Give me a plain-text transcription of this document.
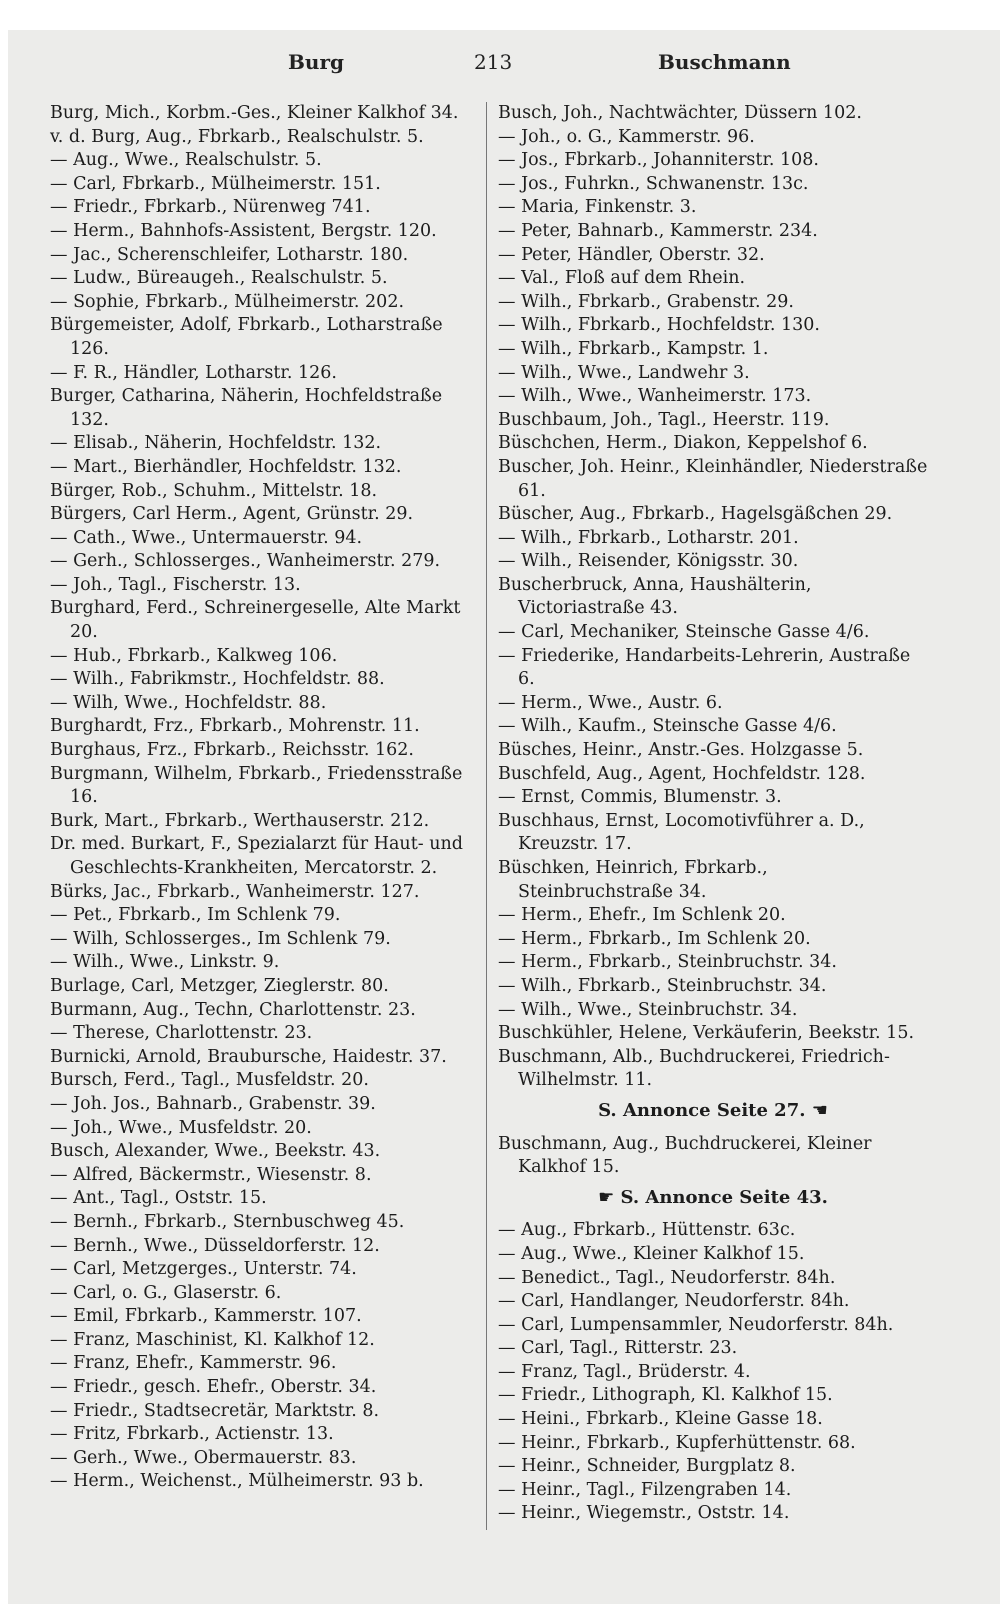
Burg	213	Buschmann

Burg, Mich., Korbm.-Ges., Kleiner Kalkhof 34.

v. d. Burg, Aug., Fbrkarb., Realschulstr. 5.

— Aug., Wwe., Realschulstr. 5.

— Carl, Fbrkarb., Mülheimerstr. 151.

— Friedr., Fbrkarb., Nürenweg 741.

— Herm., Bahnhofs-Assistent, Bergstr. 120.

— Jac., Scherenschleifer, Lotharstr. 180.

— Ludw., Büreaugeh., Realschulstr. 5.

— Sophie, Fbrkarb., Mülheimerstr. 202.

Bürgemeister, Adolf, Fbrkarb., Lotharstraße 126.

— F. R., Händler, Lotharstr. 126.

Burger, Catharina, Näherin, Hochfeldstraße 132.

— Elisab., Näherin, Hochfeldstr. 132.

— Mart., Bierhändler, Hochfeldstr. 132.

Bürger, Rob., Schuhm., Mittelstr. 18.

Bürgers, Carl Herm., Agent, Grünstr. 29.

— Cath., Wwe., Untermauerstr. 94.

— Gerh., Schlosserges., Wanheimerstr. 279.

— Joh., Tagl., Fischerstr. 13.

Burghard, Ferd., Schreinergeselle, Alte Markt 20.

— Hub., Fbrkarb., Kalkweg 106.

— Wilh., Fabrikmstr., Hochfeldstr. 88.

— Wilh, Wwe., Hochfeldstr. 88.

Burghardt, Frz., Fbrkarb., Mohrenstr. 11.

Burghaus, Frz., Fbrkarb., Reichsstr. 162.

Burgmann, Wilhelm, Fbrkarb., Friedensstraße 16.

Burk, Mart., Fbrkarb., Werthauserstr. 212.

Dr. med. Burkart, F., Spezialarzt für Haut- und Geschlechts-Krankheiten, Mercatorstr. 2.

Bürks, Jac., Fbrkarb., Wanheimerstr. 127.

— Pet., Fbrkarb., Im Schlenk 79.

— Wilh, Schlosserges., Im Schlenk 79.

— Wilh., Wwe., Linkstr. 9.

Burlage, Carl, Metzger, Zieglerstr. 80.

Burmann, Aug., Techn, Charlottenstr. 23.

— Therese, Charlottenstr. 23.

Burnicki, Arnold, Braubursche, Haidestr. 37.

Bursch, Ferd., Tagl., Musfeldstr. 20.

— Joh. Jos., Bahnarb., Grabenstr. 39.

— Joh., Wwe., Musfeldstr. 20.

Busch, Alexander, Wwe., Beekstr. 43.

— Alfred, Bäckermstr., Wiesenstr. 8.

— Ant., Tagl., Oststr. 15.

— Bernh., Fbrkarb., Sternbuschweg 45.

— Bernh., Wwe., Düsseldorferstr. 12.

— Carl, Metzgerges., Unterstr. 74.

— Carl, o. G., Glaserstr. 6.

— Emil, Fbrkarb., Kammerstr. 107.

— Franz, Maschinist, Kl. Kalkhof 12.

— Franz, Ehefr., Kammerstr. 96.

— Friedr., gesch. Ehefr., Oberstr. 34.

— Friedr., Stadtsecretär, Marktstr. 8.

— Fritz, Fbrkarb., Actienstr. 13.

— Gerh., Wwe., Obermauerstr. 83.

— Herm., Weichenst., Mülheimerstr. 93 b.

Busch, Joh., Nachtwächter, Düssern 102.

— Joh., o. G., Kammerstr. 96.

— Jos., Fbrkarb., Johanniterstr. 108.

— Jos., Fuhrkn., Schwanenstr. 13c.

— Maria, Finkenstr. 3.

— Peter, Bahnarb., Kammerstr. 234.

— Peter, Händler, Oberstr. 32.

— Val., Floß auf dem Rhein.

— Wilh., Fbrkarb., Grabenstr. 29.

— Wilh., Fbrkarb., Hochfeldstr. 130.

— Wilh., Fbrkarb., Kampstr. 1.

— Wilh., Wwe., Landwehr 3.

— Wilh., Wwe., Wanheimerstr. 173.

Buschbaum, Joh., Tagl., Heerstr. 119.

Büschchen, Herm., Diakon, Keppelshof 6.

Buscher, Joh. Heinr., Kleinhändler, Niederstraße 61.

Büscher, Aug., Fbrkarb., Hagelsgäßchen 29.

— Wilh., Fbrkarb., Lotharstr. 201.

— Wilh., Reisender, Königsstr. 30.

Buscherbruck, Anna, Haushälterin, Victoriastraße 43.

— Carl, Mechaniker, Steinsche Gasse 4/6.

— Friederike, Handarbeits-Lehrerin, Austraße 6.

— Herm., Wwe., Austr. 6.

— Wilh., Kaufm., Steinsche Gasse 4/6.

Büsches, Heinr., Anstr.-Ges. Holzgasse 5.

Buschfeld, Aug., Agent, Hochfeldstr. 128.

— Ernst, Commis, Blumenstr. 3.

Buschhaus, Ernst, Locomotivführer a. D., Kreuzstr. 17.

Büschken, Heinrich, Fbrkarb., Steinbruchstraße 34.

— Herm., Ehefr., Im Schlenk 20.

— Herm., Fbrkarb., Im Schlenk 20.

— Herm., Fbrkarb., Steinbruchstr. 34.

— Wilh., Fbrkarb., Steinbruchstr. 34.

— Wilh., Wwe., Steinbruchstr. 34.

Buschkühler, Helene, Verkäuferin, Beekstr. 15.

Buschmann, Alb., Buchdruckerei, Friedrich-Wilhelmstr. 11.

S. Annonce Seite 27. ☚

Buschmann, Aug., Buchdruckerei, Kleiner Kalkhof 15.

☛ S. Annonce Seite 43.

— Aug., Fbrkarb., Hüttenstr. 63c.

— Aug., Wwe., Kleiner Kalkhof 15.

— Benedict., Tagl., Neudorferstr. 84h.

— Carl, Handlanger, Neudorferstr. 84h.

— Carl, Lumpensammler, Neudorferstr. 84h.

— Carl, Tagl., Ritterstr. 23.

— Franz, Tagl., Brüderstr. 4.

— Friedr., Lithograph, Kl. Kalkhof 15.

— Heini., Fbrkarb., Kleine Gasse 18.

— Heinr., Fbrkarb., Kupferhüttenstr. 68.

— Heinr., Schneider, Burgplatz 8.

— Heinr., Tagl., Filzengraben 14.

— Heinr., Wiegemstr., Oststr. 14.
